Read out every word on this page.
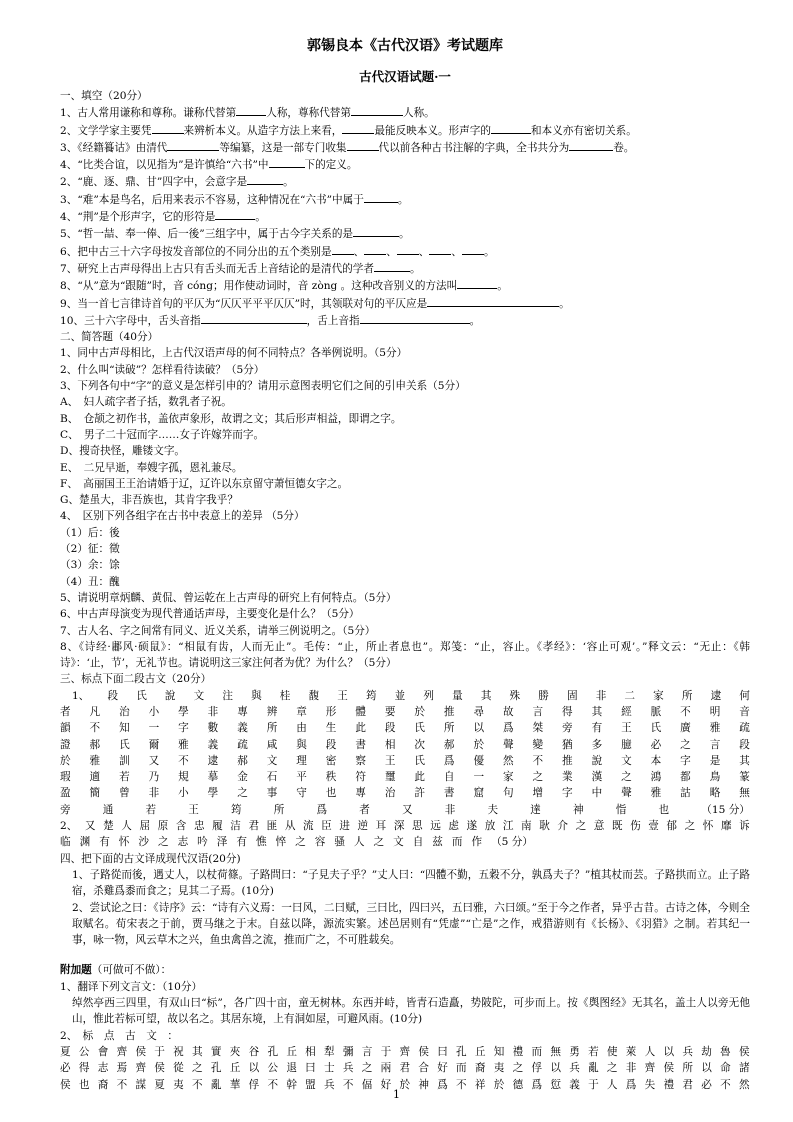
郭锡良本《古代汉语》考试题库
古代汉语试题·一
一、填空（20分）
1、古人常用谦称和尊称。谦称代替第	人称，尊称代替第	人称。
2、文学学家主要凭	来辨析本义。从造字方法上来看，	最能反映本义。形声字的	和本义亦有密切关系。
3、《经籍籑诂》由清代	等编纂，这是一部专门收集	代以前各种古书注解的字典，全书共分为	卷。
4、“比类合谊，以见指为”是许慎给“六书”中	下的定义。
2、“鹿、逐、鼎、甘”四字中，会意字是	。
3、“难”本是鸟名，后用来表示不容易，这种情况在“六书”中属于	。
4、“荆”是个形声字，它的形符是	。
5、“哲一喆、奉一俸、后一後”三组字中，属于古今字关系的是	。
6、把中古三十六字母按发音部位的不同分出的五个类别是 、 、 、 、 。
7、研究上古声母得出上古只有舌头而无舌上音结论的是清代的学者	。
8、“从”意为“跟随”时，音 cóng；用作使动词时，音 zòng 。这种改音别义的方法叫	。
9、当一首七言律诗首句的平仄为“仄仄平平平仄仄”时，其领联对句的平仄应是	。
10、三十六字母中，舌头音指	，舌上音指	。
二、简答题（40分）
1、同中古声母相比，上古代汉语声母的何不同特点？各举例说明。（5分）
2、什么叫“读破”？怎样看待读破？（5分）
3、下列各句中“字”的意义是怎样引申的？请用示意图表明它们之间的引申关系（5分）
A、　妇人疏字者子括，数乳者子祝。
B、　仓颉之初作书，盖依声象形，故谓之文；其后形声相益，即谓之字。
C、　男子二十冠而字……女子许嫁笄而字。
D、搜奇抉怪，雕镂文字。
E、　二兄早逝，奉嫂字孤，恩礼兼尽。
F、　高丽国王王治请婚于辽，辽许以东京留守萧恒德女字之。
G、楚虽大，非吾族也，其肯字我乎？
4、　区别下列各组字在古书中表意上的差异 （5分）
（1）后：後
（2）征：徵
（3）余：馀
（4）丑：醜
5、请说明章炳麟、黄侃、曾运乾在上古声母的研究上有何特点。（5分）
6、中古声母演变为现代普通话声母，主要变化是什么？（5分）
7、古人名、字之间常有同义、近义关系，请举三例说明之。（5分）
8、《诗经·鄘风·硕鼠》：“相鼠有齿，人而无止”。毛传：“止，所止者息也”。郑笺：“止，容止。《孝经》：‘容止可观’。”释文云：“无止：《韩诗》：‘止，节’，无礼节也。请说明这三家注何者为优？为什么？（5分）
三、标点下面二段古文（20分）
1、 段 氏 說 文 注 與 桂 馥 王 筠 並 列 量 其 殊 勝 固 非 二 家 所 逮 何
者 凡 治 小 學 非 專 辨 章 形 體 要 於 推 尋 故 言 得 其 經 脈 不 明 音
韻 不 知 一 字 數 義 所 由 生 此 段 氏 所 以 爲 桀 旁 有 王 氏 廣 雅 疏
證 郝 氏 爾 雅 義 疏 咸 與 段 書 相 次 郝 於 聲 變 猶 多 臆 必 之 言 段
於 雅 訓 又 不 逮 郝 文 理 密 察 王 氏 爲 優 然 不 推 說 文 本 字 是 其
瑕 適 若 乃 規 摹 金 石 平 秩 符 璽 此 自 一 家 之 業 漢 之 鴻 都 鳥 篆
盈 簡 曾 非 小 學 之 事 守 也 專 治 許 書 窟 句 增 字 中 聲 雅 詁 略 無
旁	通	若	王	筠	所	爲	者	又	非	夫	達	神	恉	也	（15 分）
2、 又 楚 人 屈 原 含 忠 履 洁 君 匪 从 流 臣 进 逆 耳 深 思 远 虑 遂 放 江 南 耿 介 之 意 既 伤 壹 郁 之 怀 靡 诉
临 渊 有 怀 沙 之 志 吟 泽 有 憔 悴 之 容 骚 人 之 文 自 兹 而 作 （5 分）
四、把下面的古文译成现代汉语(20分)
1、子路從而後，遇丈人，以杖荷篠。子路問曰：“子見夫子乎？”丈人曰：“四體不勤，五穀不分，孰爲夫子？”植其杖而芸。子路拱而立。止子路宿，杀雞爲黍而食之；見其二子焉。(10分)
2、尝试论之曰：《诗序》云：“诗有六义焉：一曰风，二曰赋，三曰比，四曰兴，五曰雅，六曰颂。”至于今之作者，异乎古昔。古诗之体，今则全取赋名。荀宋表之于前，贾马继之于末。自兹以降，源流实繁。述邑居则有“凭虚”“亡是”之作，戒猎游则有《长杨》、《羽猎》之制。若其纪一事，咏一物，风云草木之兴，鱼虫禽兽之流，推而广之，不可胜载矣。
附加题（可做可不做）：
1、翻译下列文言文：（10分）
绰然亭西三四里，有双山曰“标”，各广四十亩，童无树林。东西并峙，皆青石造矗，势陂陀，可步而上。按《舆图经》无其名，盖土人以旁无他山，惟此若标可望，故以名之。其居东境，上有洞如屋，可避风雨。(10分)
2、　标　点　古　文　：
夏 公 會 齊 侯 于 祝 其 實 夾 谷 孔 丘 相 犁 彌 言 于 齊 侯 曰 孔 丘 知 禮 而 無 勇 若 使 萊 人 以 兵 劫 魯 侯
必 得 志 焉 齊 侯 從 之 孔 丘 以 公 退 曰 士 兵 之 兩 君 合 好 而 裔 夷 之 俘 以 兵 亂 之 非 齊 侯 所 以 命 諸
侯 也 裔 不 謀 夏 夷 不 亂 華 俘 不 幹 盟 兵 不 偪 好 於 神 爲 不 祥 於 德 爲 愆 義 于 人 爲 失 禮 君 必 不 然
1
